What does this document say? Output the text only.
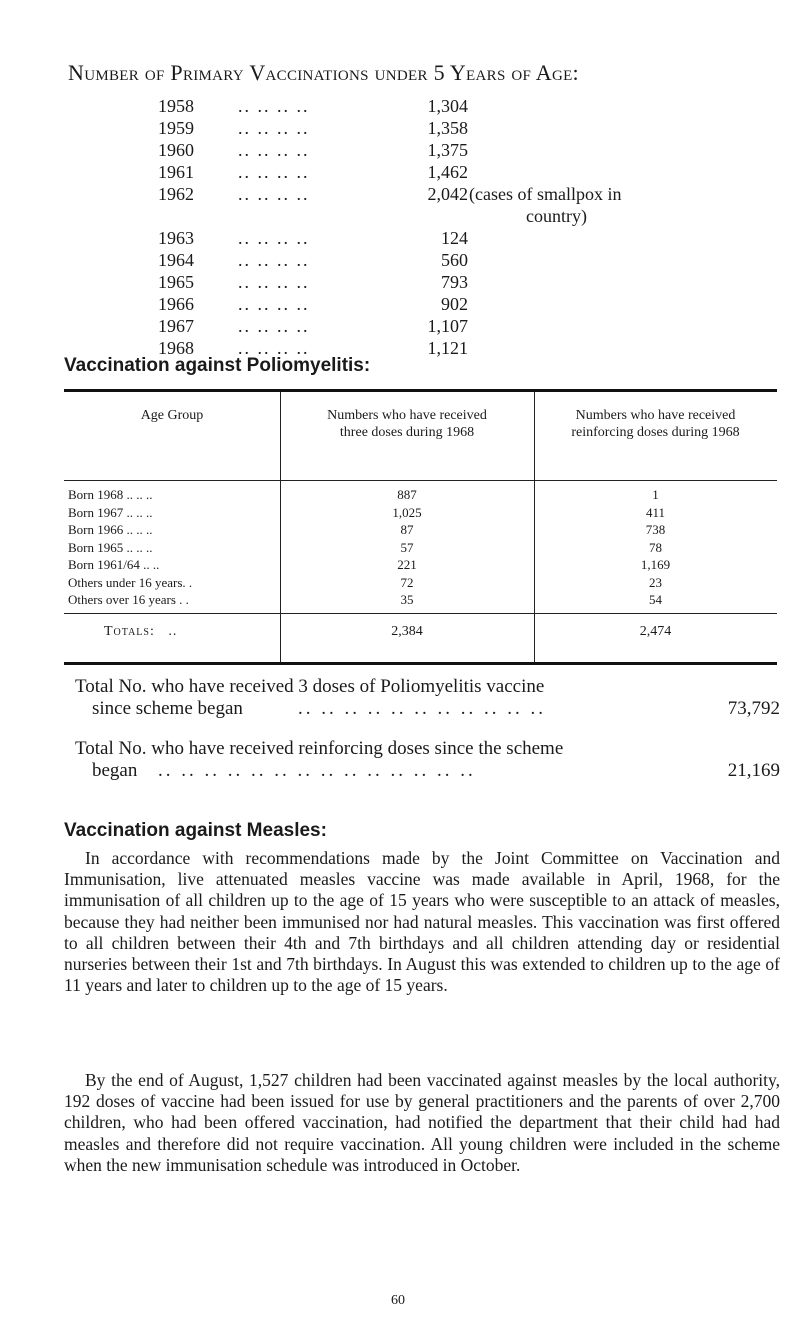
Number of Primary Vaccinations under 5 Years of Age:
1958 .. .. .. ..	1,304
1959 .. .. .. ..	1,358
1960 .. .. .. ..	1,375
1961 .. .. .. ..	1,462
1962 .. .. .. ..	2,042 (cases of smallpox in
country)
1963 .. .. .. ..	124
1964 .. .. .. ..	560
1965 .. .. .. ..	793
1966 .. .. .. ..	902
1967 .. .. .. ..	1,107
1968 .. .. .. ..	1,121
Vaccination against Poliomyelitis:
Age Group	Numbers who have received
three doses during 1968
Numbers who have received
reinforcing doses during 1968
Born 1968 .. .. ..	887	1
Born 1967 .. .. ..	1,025	411
Born 1966 .. .. ..	87	738
Born 1965 .. .. ..	57	78
Born 1961/64 .. ..	221	1,169
Others under 16 years. .	72	23
Others over 16 years . .	35	54
Totals: ..	2,384	2,474
Total No. who have received 3 doses of Poliomyelitis vaccine
since scheme began	.. .. .. .. .. .. .. .. .. .. ..	73,792
Total No. who have received reinforcing doses since the scheme
began .. .. .. .. .. .. .. .. .. .. .. .. .. ..	21,169
Vaccination against Measles:
In accordance with recommendations made by the Joint Committee on Vaccination and Immunisation, live attenuated measles vaccine was made available in April, 1968, for the immunisation of all children up to the age of 15 years who were susceptible to an attack of measles, because they had neither been immunised nor had natural measles. This vaccination was first offered to all children between their 4th and 7th birthdays and all children attending day or residential nurseries between their 1st and 7th birthdays. In August this was extended to children up to the age of 11 years and later to children up to the age of 15 years.
By the end of August, 1,527 children had been vaccinated against measles by the local authority, 192 doses of vaccine had been issued for use by general practitioners and the parents of over 2,700 children, who had been offered vaccination, had notified the department that their child had had measles and therefore did not require vaccination. All young children were included in the scheme when the new immunisation schedule was introduced in October.
60
